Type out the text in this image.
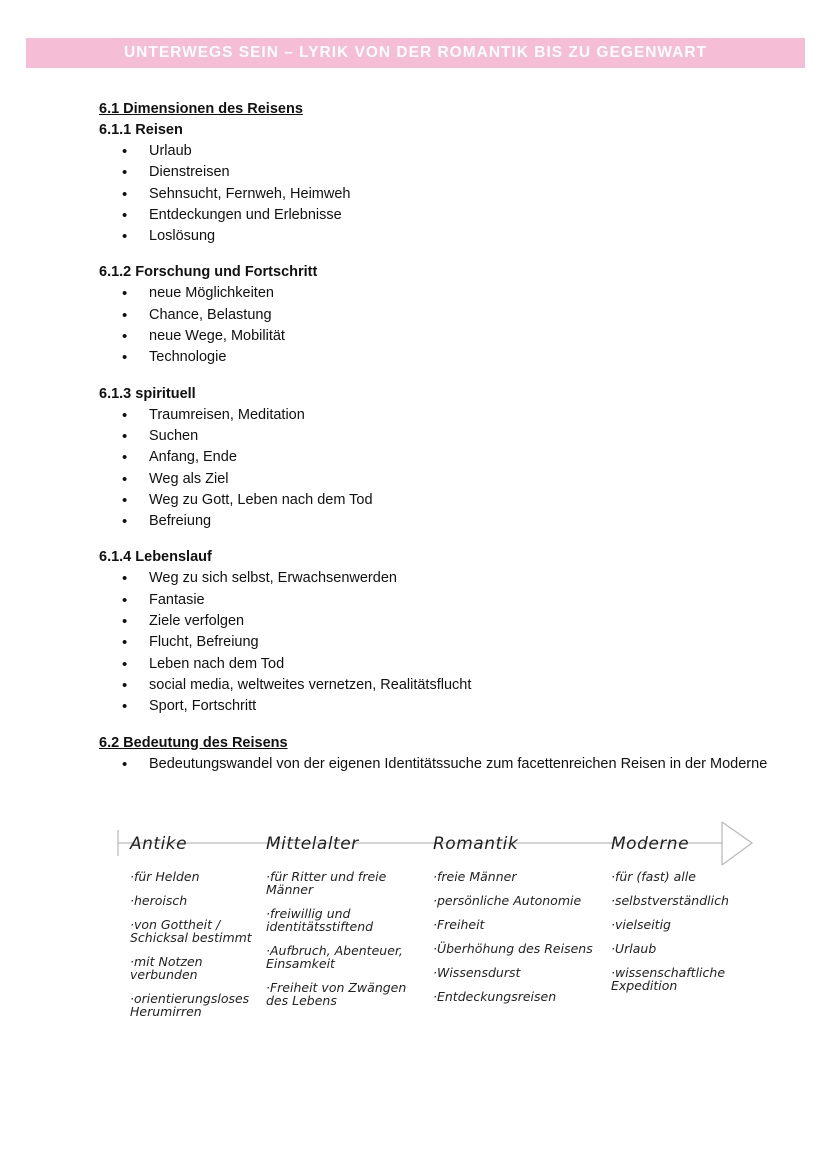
UNTERWEGS SEIN – LYRIK VON DER ROMANTIK BIS ZU GEGENWART
6.1 Dimensionen des Reisens
6.1.1 Reisen
• Urlaub
• Dienstreisen
• Sehnsucht, Fernweh, Heimweh
• Entdeckungen und Erlebnisse
• Loslösung
6.1.2 Forschung und Fortschritt
• neue Möglichkeiten
• Chance, Belastung
• neue Wege, Mobilität
• Technologie
6.1.3 spirituell
• Traumreisen, Meditation
• Suchen
• Anfang, Ende
• Weg als Ziel
• Weg zu Gott, Leben nach dem Tod
• Befreiung
6.1.4 Lebenslauf
• Weg zu sich selbst, Erwachsenwerden
• Fantasie
• Ziele verfolgen
• Flucht, Befreiung
• Leben nach dem Tod
• social media, weltweites vernetzen, Realitätsflucht
• Sport, Fortschritt
6.2 Bedeutung des Reisens
• Bedeutungswandel von der eigenen Identitätssuche zum facettenreichen Reisen in der Moderne
Antike
·für Helden
·heroisch
·von Gottheit / Schicksal bestimmt
·mit Notzen verbunden
·orientierungsloses Herumirren
Mittelalter
·für Ritter und freie Männer
·freiwillig und identitätsstiftend
·Aufbruch, Abenteuer, Einsamkeit
·Freiheit von Zwängen des Lebens
Romantik
·freie Männer
·persönliche Autonomie
·Freiheit
·Überhöhung des Reisens
·Wissensdurst
·Entdeckungsreisen
Moderne
·für (fast) alle
·selbstverständlich
·vielseitig
·Urlaub
·wissenschaftliche Expedition
